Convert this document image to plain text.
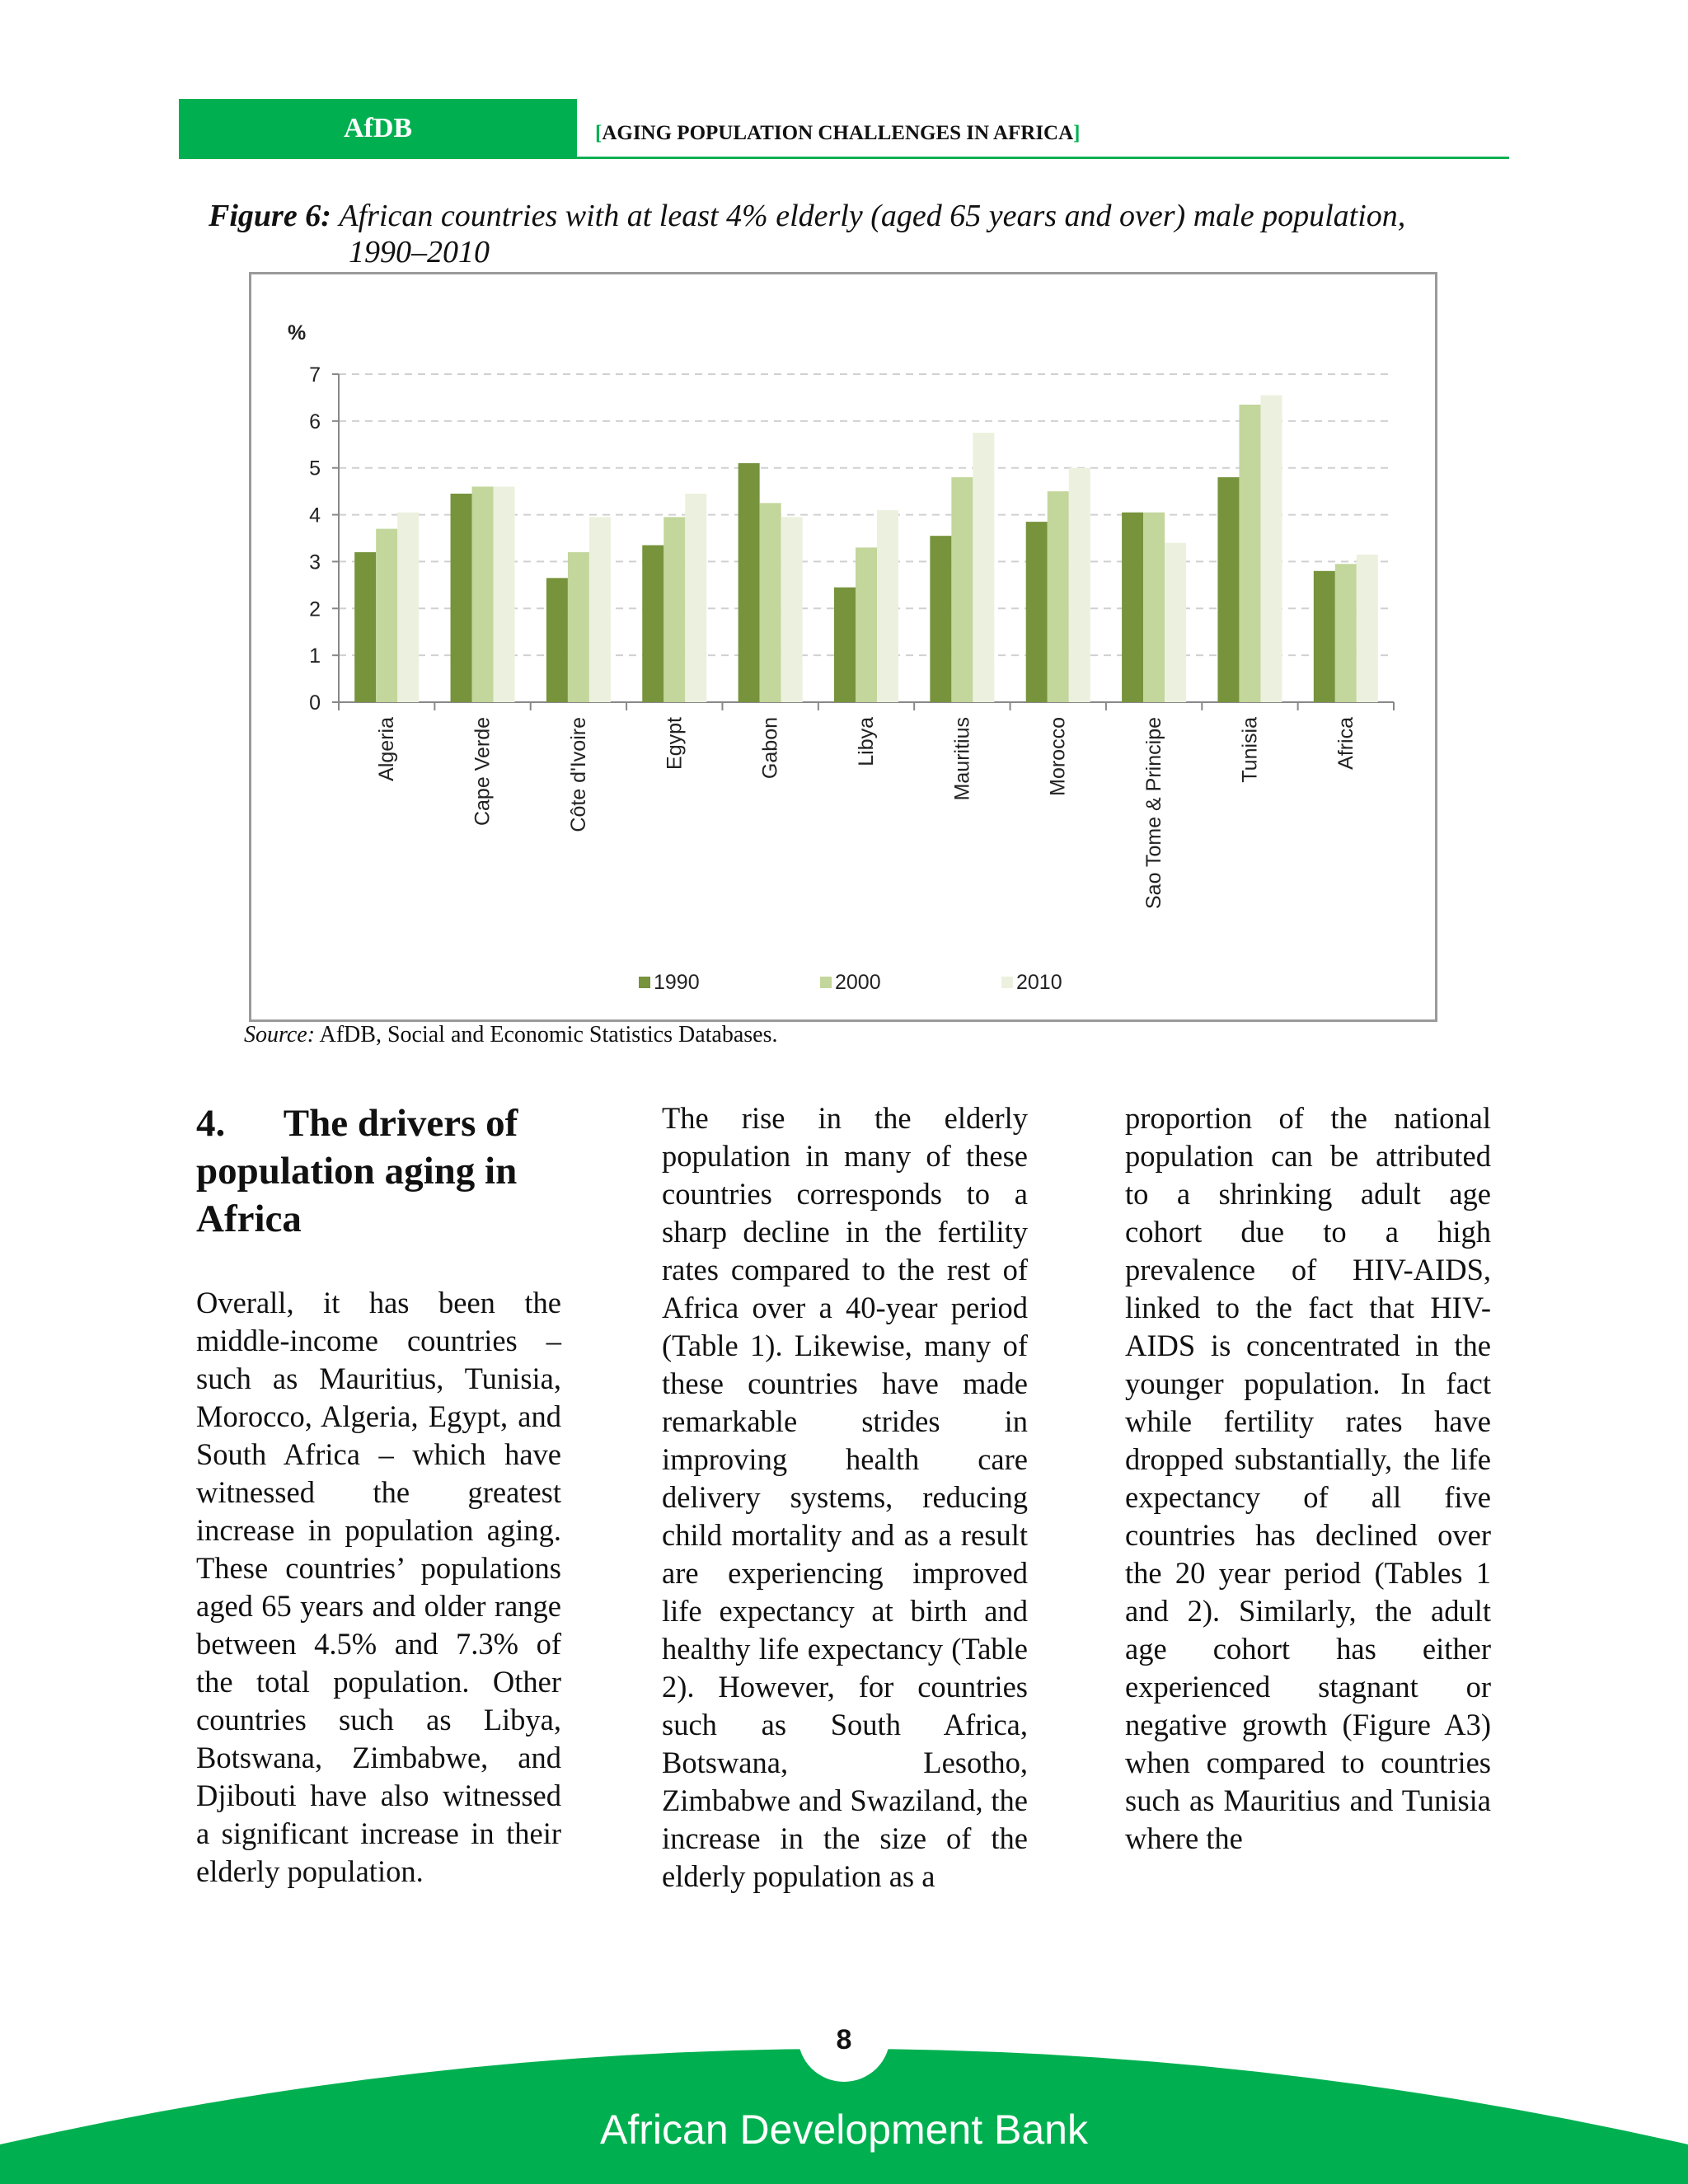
AfDB	[AGING POPULATION CHALLENGES IN AFRICA]
Figure 6: African countries with at least 4% elderly (aged 65 years and over) male population,
1990–2010
0
1
2
3
4
5
6
7
%
Algeria	Cape Verde	Côte d'Ivoire	Egypt	Gabon	Libya	Mauritius	Morocco	Sao Tome & Principe	Tunisia	Africa
1990	2000	2010
Source: AfDB, Social and Economic Statistics Databases.

4.      The drivers of population aging in Africa

Overall, it has been the middle-income countries – such as Mauritius, Tunisia, Morocco, Algeria, Egypt, and South Africa – which have witnessed the greatest increase in population aging. These countries’ populations aged 65 years and older range between 4.5% and 7.3% of the total population. Other countries such as Libya, Botswana, Zimbabwe, and Djibouti have also witnessed a significant increase in their elderly population.

The rise in the elderly population in many of these countries corresponds to a sharp decline in the fertility rates compared to the rest of Africa over a 40-year period (Table 1). Likewise, many of these countries have made remarkable strides in improving health care delivery systems, reducing child mortality and as a result are experiencing improved life expectancy at birth and healthy life expectancy (Table 2). However, for countries such as South Africa, Botswana, Lesotho, Zimbabwe and Swaziland, the increase in the size of the elderly population as a

proportion of the national population can be attributed to a shrinking adult age cohort due to a high prevalence of HIV-AIDS, linked to the fact that HIV-AIDS is concentrated in the younger population. In fact while fertility rates have dropped substantially, the life expectancy of all five countries has declined over the 20 year period (Tables 1 and 2). Similarly, the adult age cohort has either experienced stagnant or negative growth (Figure A3) when compared to countries such as Mauritius and Tunisia where the

8
African Development Bank
